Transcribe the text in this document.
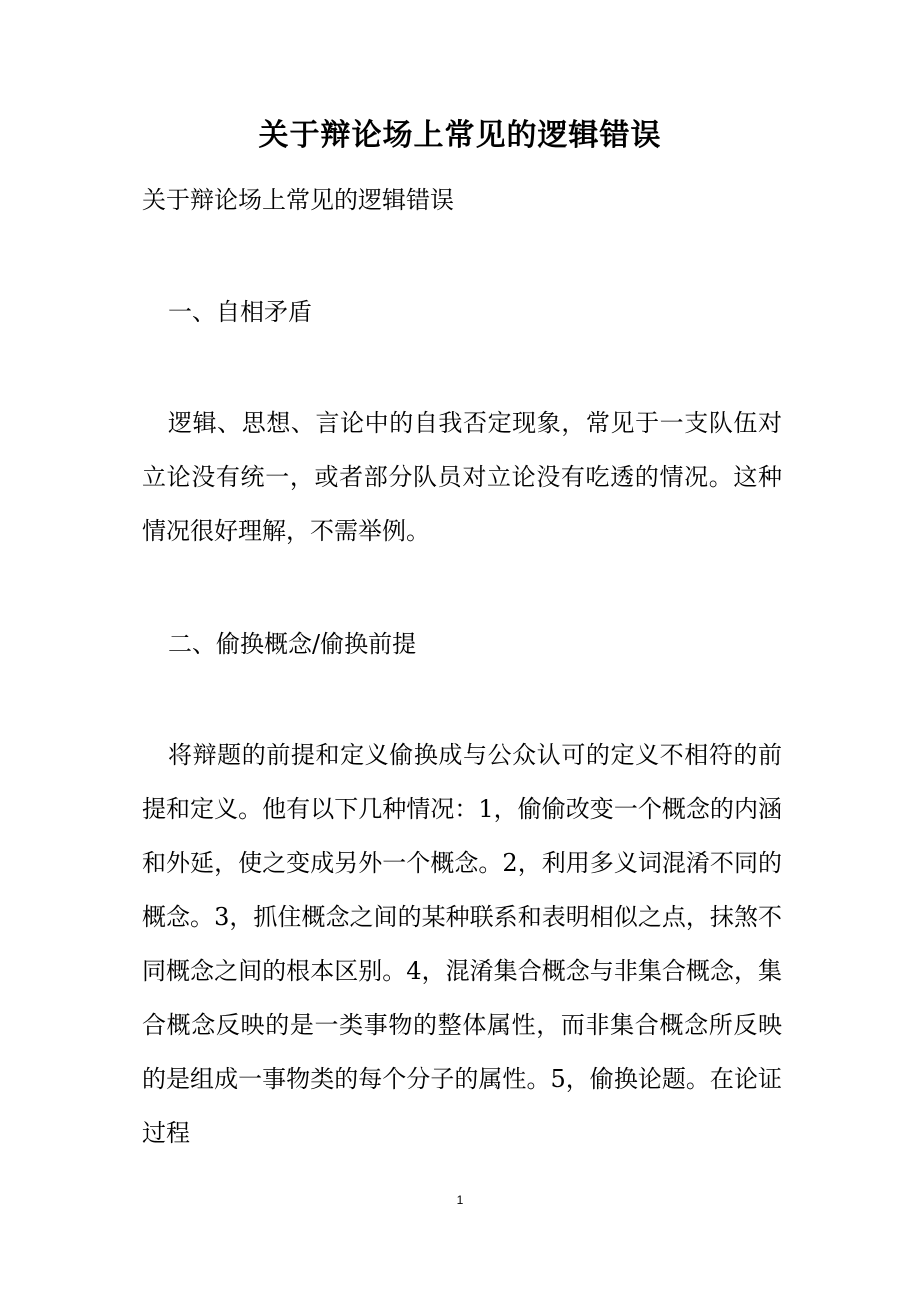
关于辩论场上常见的逻辑错误
关于辩论场上常见的逻辑错误
一、自相矛盾
逻辑、思想、言论中的自我否定现象，常见于一支队伍对立论没有统一，或者部分队员对立论没有吃透的情况。这种情况很好理解，不需举例。
二、偷换概念/偷换前提
将辩题的前提和定义偷换成与公众认可的定义不相符的前提和定义。他有以下几种情况：1，偷偷改变一个概念的内涵和外延，使之变成另外一个概念。2，利用多义词混淆不同的概念。3，抓住概念之间的某种联系和表明相似之点，抹煞不同概念之间的根本区别。4，混淆集合概念与非集合概念，集合概念反映的是一类事物的整体属性，而非集合概念所反映的是组成一事物类的每个分子的属性。5，偷换论题。在论证过程
1
